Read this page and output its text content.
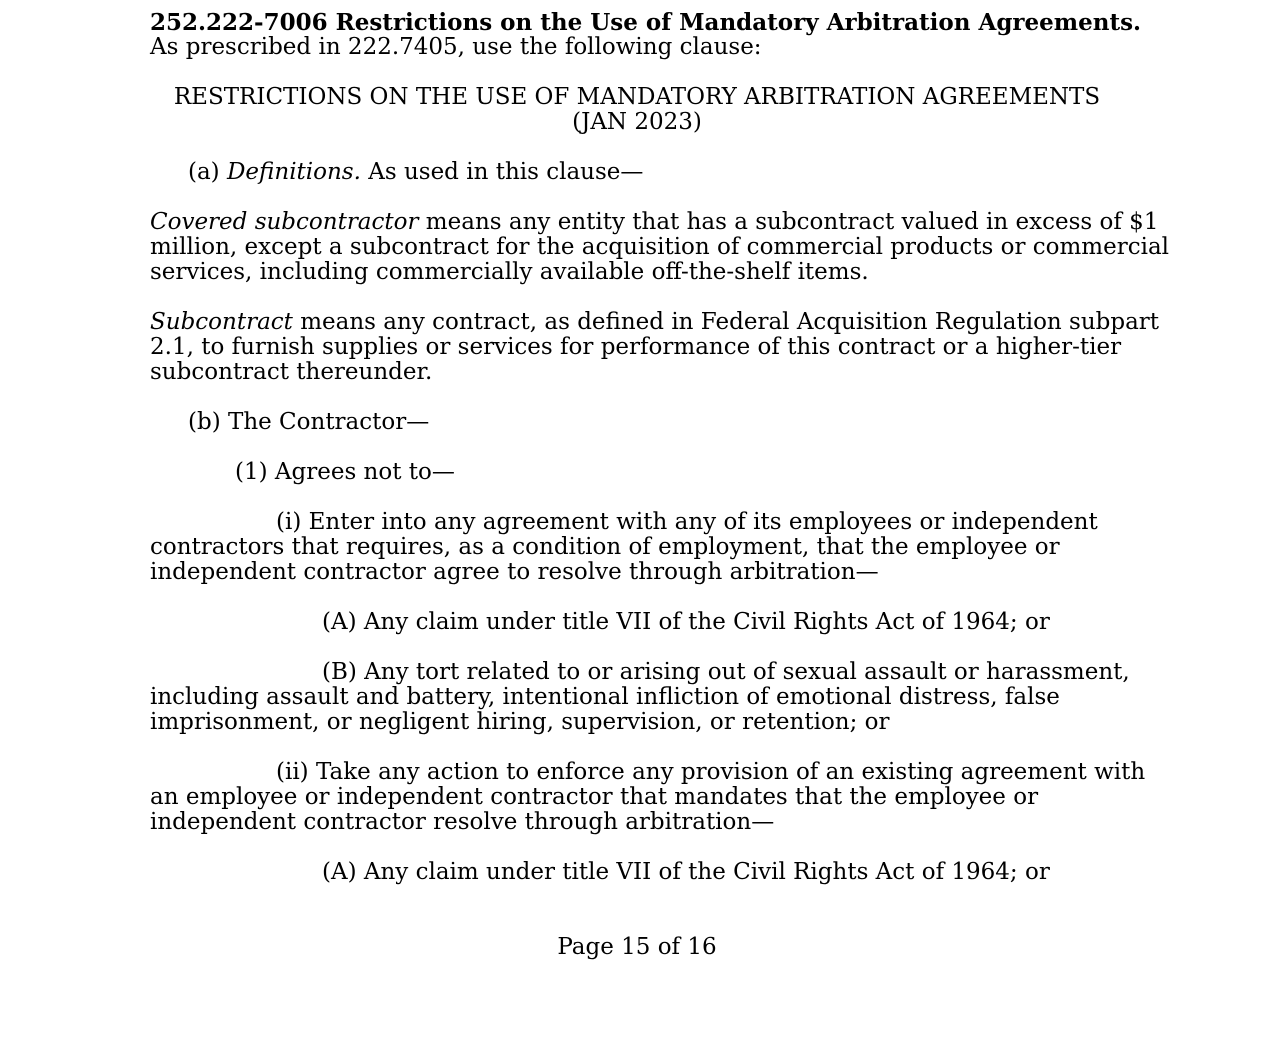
252.222-7006 Restrictions on the Use of Mandatory Arbitration Agreements.
As prescribed in 222.7405, use the following clause:
RESTRICTIONS ON THE USE OF MANDATORY ARBITRATION AGREEMENTS
(JAN 2023)
(a) Definitions. As used in this clause—
Covered subcontractor means any entity that has a subcontract valued in excess of $1
million, except a subcontract for the acquisition of commercial products or commercial
services, including commercially available off-the-shelf items.
Subcontract means any contract, as defined in Federal Acquisition Regulation subpart
2.1, to furnish supplies or services for performance of this contract or a higher-tier
subcontract thereunder.
(b) The Contractor—
(1) Agrees not to—
(i) Enter into any agreement with any of its employees or independent
contractors that requires, as a condition of employment, that the employee or
independent contractor agree to resolve through arbitration—
(A) Any claim under title VII of the Civil Rights Act of 1964; or
(B) Any tort related to or arising out of sexual assault or harassment,
including assault and battery, intentional infliction of emotional distress, false
imprisonment, or negligent hiring, supervision, or retention; or
(ii) Take any action to enforce any provision of an existing agreement with
an employee or independent contractor that mandates that the employee or
independent contractor resolve through arbitration—
(A) Any claim under title VII of the Civil Rights Act of 1964; or
Page 15 of 16
